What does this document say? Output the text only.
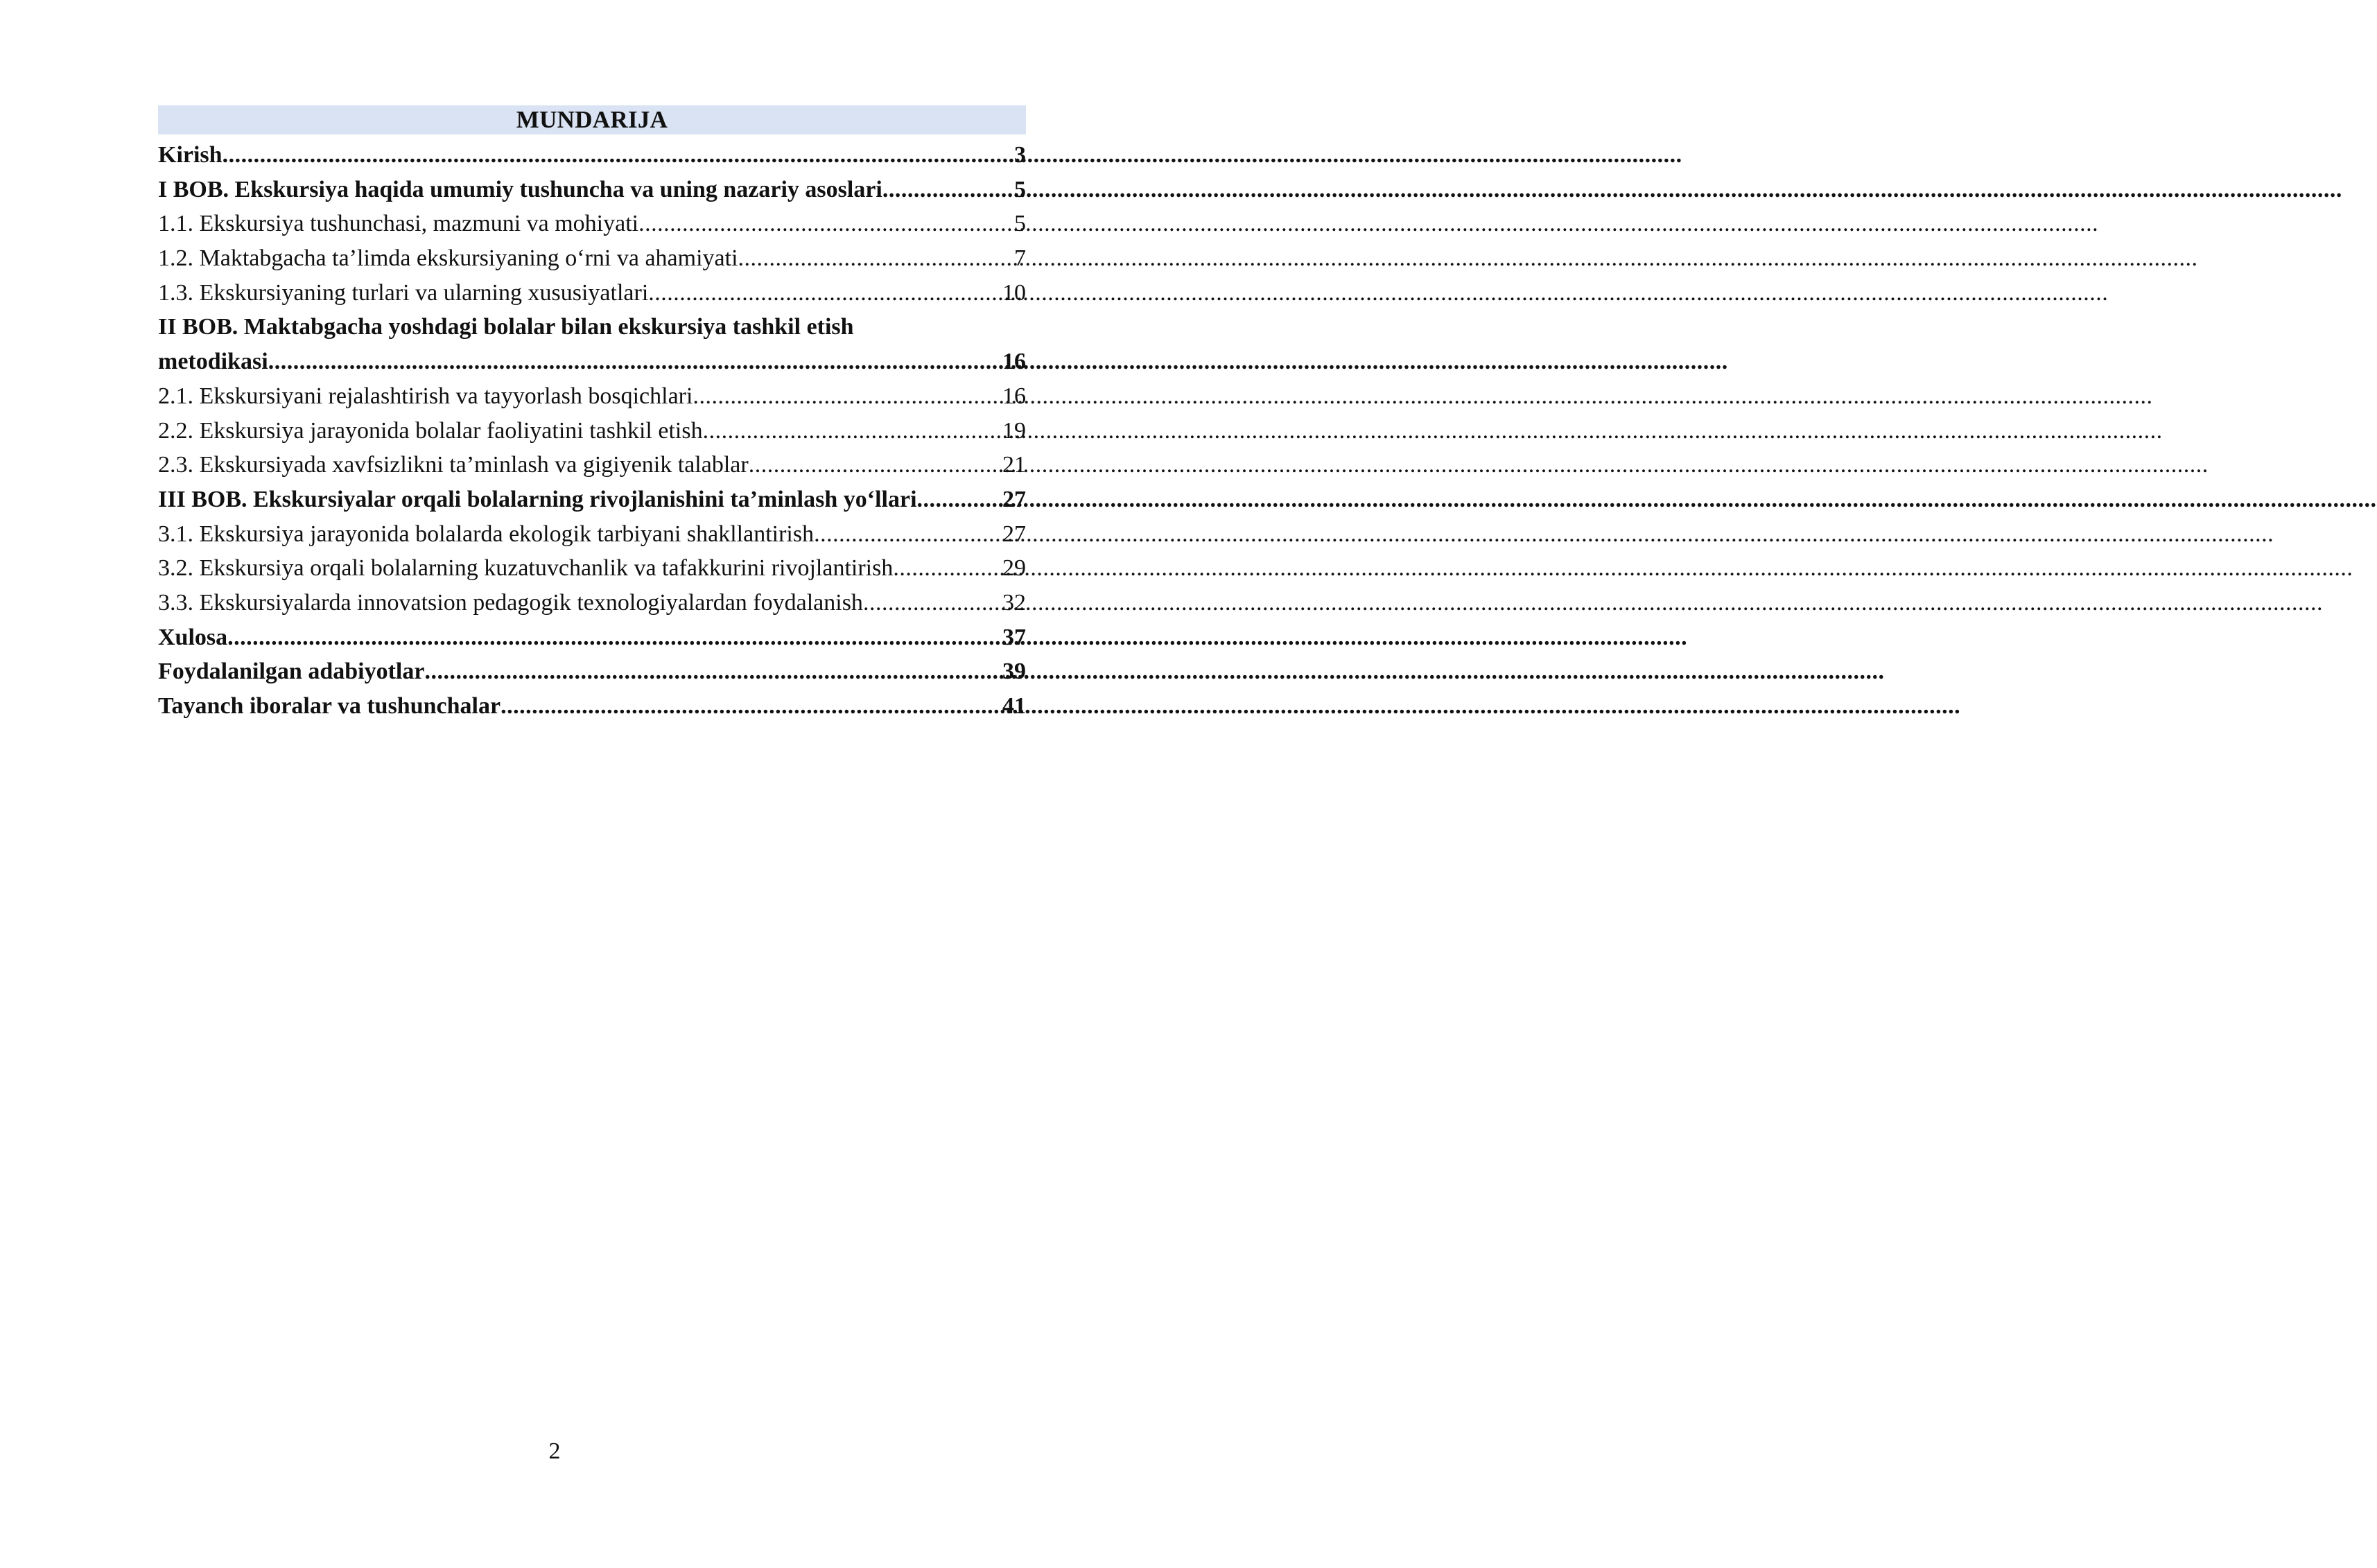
MUNDARIJA
Kirish .....	3
I BOB. Ekskursiya haqida umumiy tushuncha va uning nazariy asoslari .....	5
1.1. Ekskursiya tushunchasi, mazmuni va mohiyati .....	5
1.2. Maktabgacha ta’limda ekskursiyaning o‘rni va ahamiyati .....	7
1.3. Ekskursiyaning turlari va ularning xususiyatlari .....	10
II BOB. Maktabgacha yoshdagi bolalar bilan ekskursiya tashkil etish
metodikasi .....	16
2.1. Ekskursiyani rejalashtirish va tayyorlash bosqichlari .....	16
2.2. Ekskursiya jarayonida bolalar faoliyatini tashkil etish .....	19
2.3. Ekskursiyada xavfsizlikni ta’minlash va gigiyenik talablar .....	21
III BOB. Ekskursiyalar orqali bolalarning rivojlanishini ta’minlash yo‘llari .....	27
3.1. Ekskursiya jarayonida bolalarda ekologik tarbiyani shakllantirish .....	27
3.2. Ekskursiya orqali bolalarning kuzatuvchanlik va tafakkurini rivojlantirish .....	29
3.3. Ekskursiyalarda innovatsion pedagogik texnologiyalardan foydalanish .....	32
Xulosa .....	37
Foydalanilgan adabiyotlar .....	39
Tayanch iboralar va tushunchalar .....	41
2
